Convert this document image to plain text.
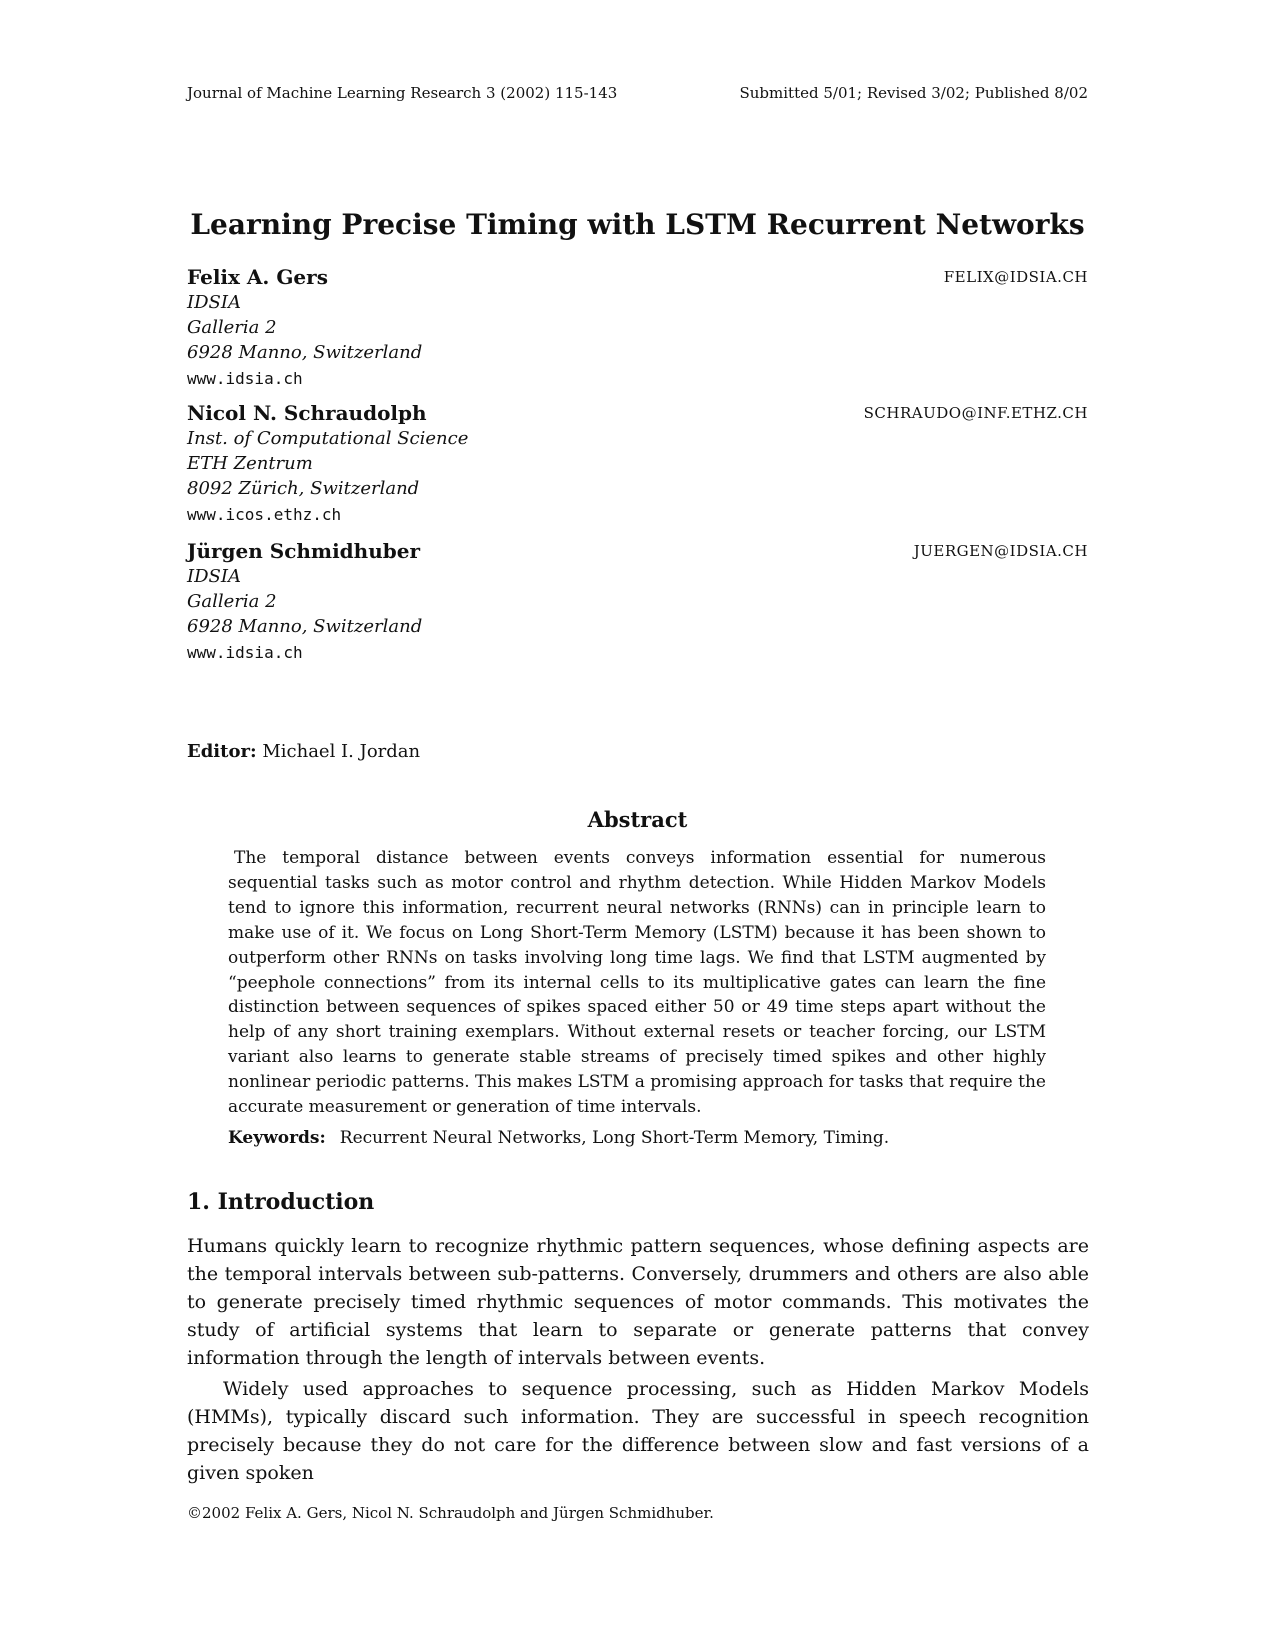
Journal of Machine Learning Research 3 (2002) 115-143	Submitted 5/01; Revised 3/02; Published 8/02
Learning Precise Timing with LSTM Recurrent Networks
Felix A. Gers	FELIX@IDSIA.CH
IDSIA
Galleria 2
6928 Manno, Switzerland
www.idsia.ch
Nicol N. Schraudolph	SCHRAUDO@INF.ETHZ.CH
Inst. of Computational Science
ETH Zentrum
8092 Zürich, Switzerland
www.icos.ethz.ch
Jürgen Schmidhuber	JUERGEN@IDSIA.CH
IDSIA
Galleria 2
6928 Manno, Switzerland
www.idsia.ch
Editor: Michael I. Jordan
Abstract
The temporal distance between events conveys information essential for numerous sequential tasks such as motor control and rhythm detection. While Hidden Markov Models tend to ignore this information, recurrent neural networks (RNNs) can in principle learn to make use of it. We focus on Long Short-Term Memory (LSTM) because it has been shown to outperform other RNNs on tasks involving long time lags. We find that LSTM augmented by “peephole connections” from its internal cells to its multiplicative gates can learn the fine distinction between sequences of spikes spaced either 50 or 49 time steps apart without the help of any short training exemplars. Without external resets or teacher forcing, our LSTM variant also learns to generate stable streams of precisely timed spikes and other highly nonlinear periodic patterns. This makes LSTM a promising approach for tasks that require the accurate measurement or generation of time intervals.
Keywords: Recurrent Neural Networks, Long Short-Term Memory, Timing.
1. Introduction

Humans quickly learn to recognize rhythmic pattern sequences, whose defining aspects are the temporal intervals between sub-patterns. Conversely, drummers and others are also able to generate precisely timed rhythmic sequences of motor commands. This motivates the study of artificial systems that learn to separate or generate patterns that convey information through the length of intervals between events.

Widely used approaches to sequence processing, such as Hidden Markov Models (HMMs), typically discard such information. They are successful in speech recognition precisely because they do not care for the difference between slow and fast versions of a given spoken

©2002 Felix A. Gers, Nicol N. Schraudolph and Jürgen Schmidhuber.
